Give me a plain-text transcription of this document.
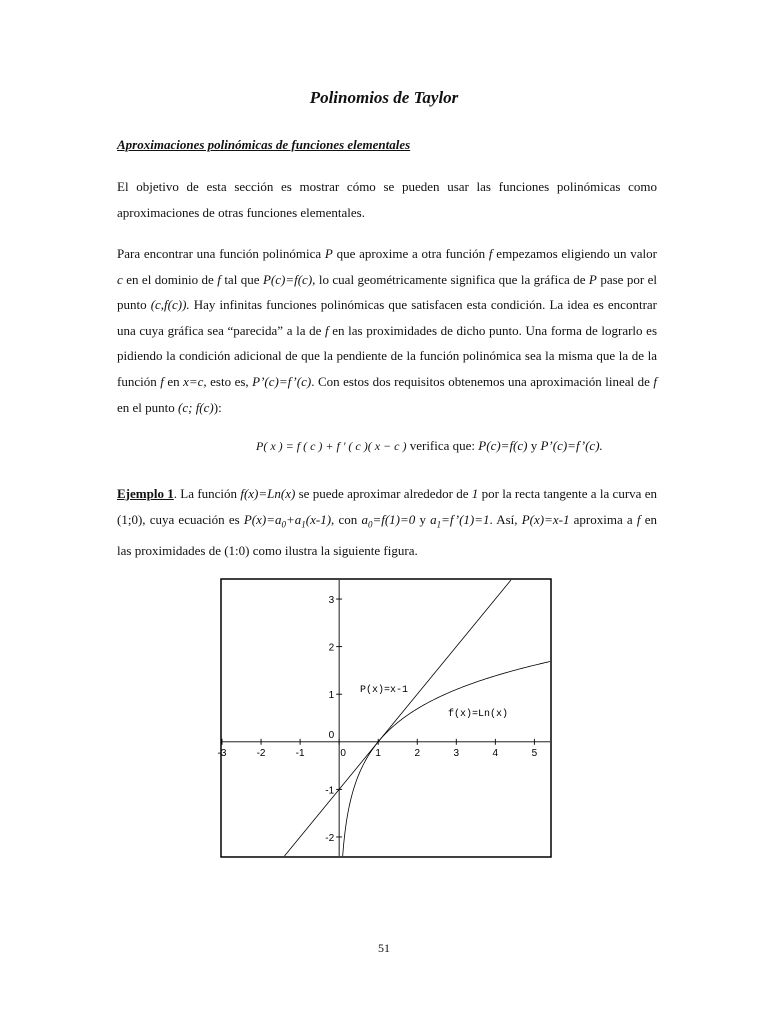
Polinomios de Taylor
Aproximaciones polinómicas de funciones elementales

El objetivo de esta sección es mostrar cómo se pueden usar las funciones polinómicas como aproximaciones de otras funciones elementales.

Para encontrar una función polinómica P que aproxime a otra función f empezamos eligiendo un valor c en el dominio de f tal que P(c)=f(c), lo cual geométricamente significa que la gráfica de P pase por el punto (c,f(c)). Hay infinitas funciones polinómicas que satisfacen esta condición. La idea es encontrar una cuya gráfica sea “parecida” a la de f en las proximidades de dicho punto. Una forma de lograrlo es pidiendo la condición adicional de que la pendiente de la función polinómica sea la misma que la de la función f en x=c, esto es, P’(c)=f’(c). Con estos dos requisitos obtenemos una aproximación lineal de f en el punto (c; f(c)):

P( x ) = f ( c ) + f ' ( c )( x − c ) verifica que: P(c)=f(c) y P’(c)=f’(c).

Ejemplo 1. La función f(x)=Ln(x) se puede aproximar alrededor de 1 por la recta tangente a la curva en (1;0), cuya ecuación es $P(x)=a_0+a_1(x-1)$, con $a_0=f(1)=0$ y $a_1=f’(1)=1$. Así, P(x)=x-1 aproxima a f en las proximidades de (1:0) como ilustra la siguiente figura.

-3	-2	-1	0	1	2	3	4	5
3
2
1
0
-1
-2
P(x)=x-1
f(x)=Ln(x)
51
